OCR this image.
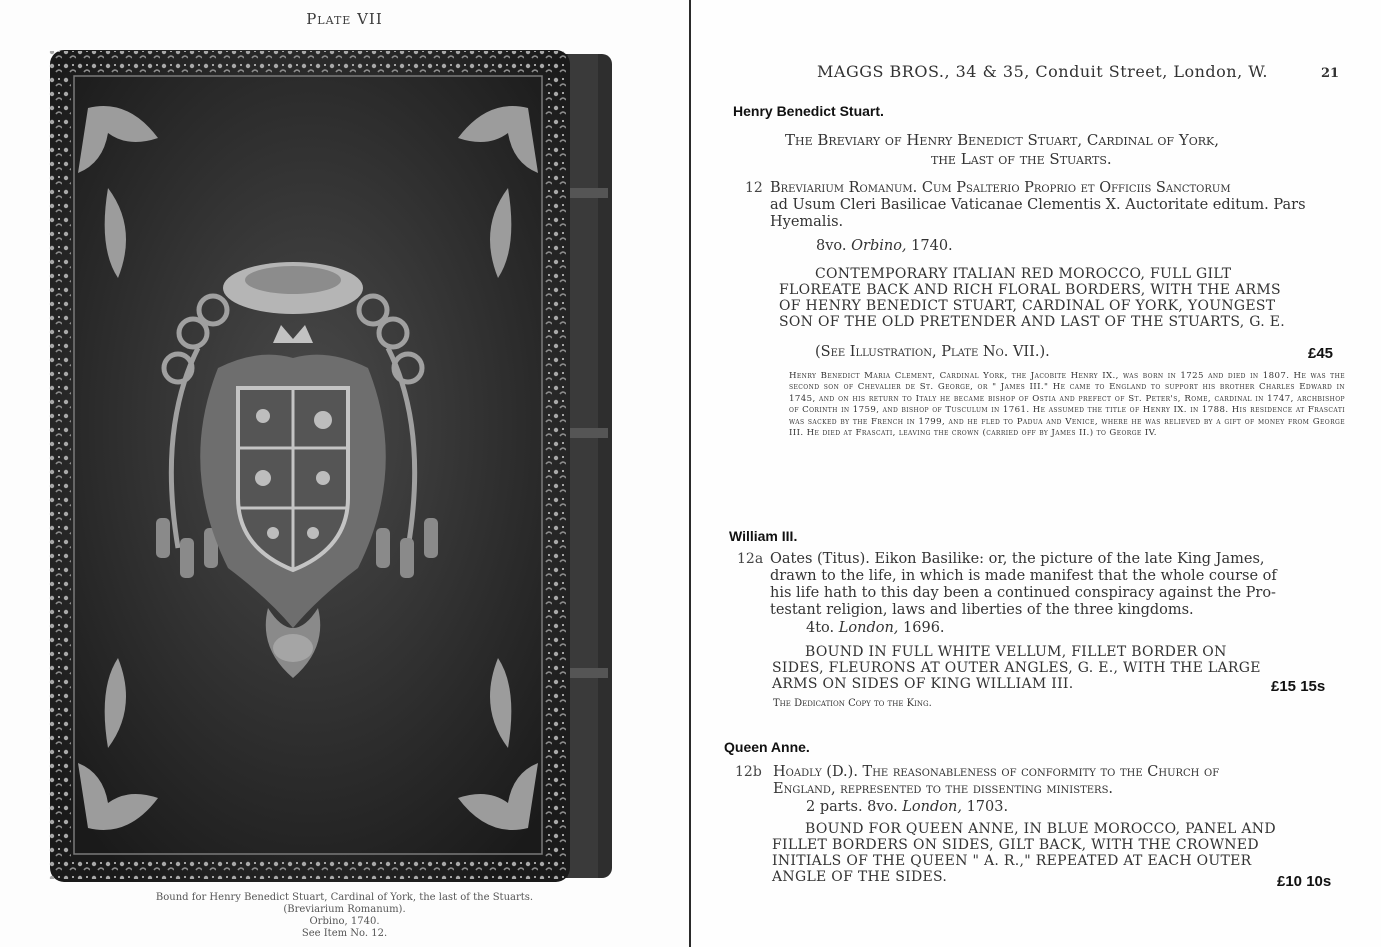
Plate VII
Bound for Henry Benedict Stuart, Cardinal of York, the last of the Stuarts.
(Breviarium Romanum).
Orbino, 1740.
See Item No. 12.
MAGGS BROS., 34 & 35, Conduit Street, London, W.	21
Henry Benedict Stuart.
The Breviary of Henry Benedict Stuart, Cardinal of York,
the Last of the Stuarts.
12 Breviarium Romanum. Cum Psalterio Proprio et Officiis Sanctorum
ad Usum Cleri Basilicae Vaticanae Clementis X. Auctoritate editum. Pars
Hyemalis.
8vo. Orbino, 1740.
CONTEMPORARY ITALIAN RED MOROCCO, FULL GILT
FLOREATE BACK AND RICH FLORAL BORDERS, WITH THE ARMS
OF HENRY BENEDICT STUART, CARDINAL OF YORK, YOUNGEST
SON OF THE OLD PRETENDER AND LAST OF THE STUARTS, G. E.
(See Illustration, Plate No. VII.).	£45
Henry Benedict Maria Clement, Cardinal York, the Jacobite Henry IX., was born in 1725 and died in 1807. He was the second son of Chevalier de St. George, or " James III." He came to England to support his brother Charles Edward in 1745, and on his return to Italy he became bishop of Ostia and prefect of St. Peter's, Rome, cardinal in 1747, archbishop of Corinth in 1759, and bishop of Tusculum in 1761. He assumed the title of Henry IX. in 1788. His residence at Frascati was sacked by the French in 1799, and he fled to Padua and Venice, where he was relieved by a gift of money from George III. He died at Frascati, leaving the crown (carried off by James II.) to George IV.
William III.
12a Oates (Titus). Eikon Basilike: or, the picture of the late King James,
drawn to the life, in which is made manifest that the whole course of
his life hath to this day been a continued conspiracy against the Pro-
testant religion, laws and liberties of the three kingdoms.
4to. London, 1696.
BOUND IN FULL WHITE VELLUM, FILLET BORDER ON
SIDES, FLEURONS AT OUTER ANGLES, G. E., WITH THE LARGE
ARMS ON SIDES OF KING WILLIAM III.	£15 15s
The Dedication Copy to the King.
Queen Anne.
12b Hoadly (D.). The reasonableness of conformity to the Church of
England, represented to the dissenting ministers.
2 parts. 8vo. London, 1703.
BOUND FOR QUEEN ANNE, IN BLUE MOROCCO, PANEL AND
FILLET BORDERS ON SIDES, GILT BACK, WITH THE CROWNED
INITIALS OF THE QUEEN " A. R.," REPEATED AT EACH OUTER
ANGLE OF THE SIDES.	£10 10s
